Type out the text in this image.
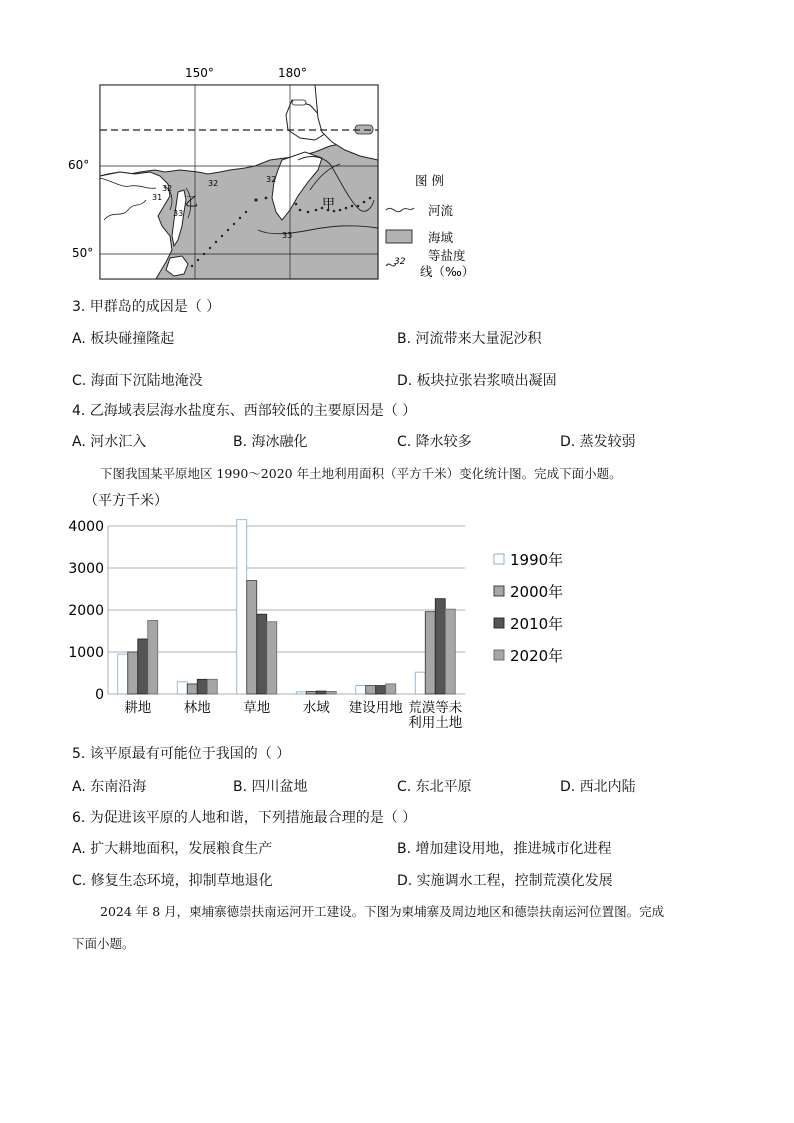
150°	180°
60°
50°
乙	甲
31
32
32	32
33
33
图 例
河流
海域
32 等盐度
线（‰）
3. 甲群岛的成因是（ ）
A. 板块碰撞隆起	B. 河流带来大量泥沙积
C. 海面下沉陆地淹没	D. 板块拉张岩浆喷出凝固
4. 乙海域表层海水盐度东、西部较低的主要原因是（ ）
A. 河水汇入	B. 海冰融化	C. 降水较多	D. 蒸发较弱
下图我国某平原地区 1990～2020 年土地利用面积（平方千米）变化统计图。完成下面小题。
（平方千米）
4000
3000
2000
1000
0
耕地 林地 草地 水域 建设用地 荒漠等未
利用土地
1990年
2000年
2010年
2020年
5. 该平原最有可能位于我国的（ ）
A. 东南沿海	B. 四川盆地	C. 东北平原	D. 西北内陆
6. 为促进该平原的人地和谐，下列措施最合理的是（ ）
A. 扩大耕地面积，发展粮食生产	B. 增加建设用地，推进城市化进程
C. 修复生态环境，抑制草地退化	D. 实施调水工程，控制荒漠化发展
2024 年 8 月，柬埔寨德崇扶南运河开工建设。下图为柬埔寨及周边地区和德崇扶南运河位置图。完成
下面小题。
